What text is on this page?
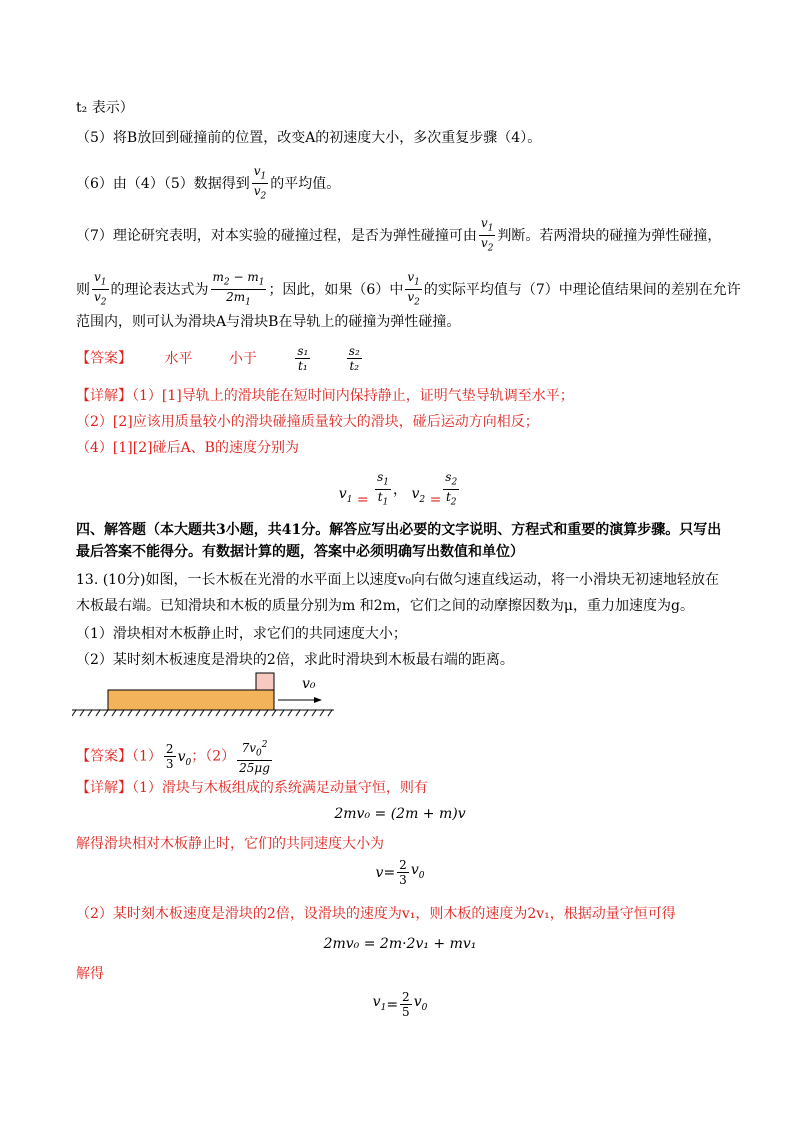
t₂ 表示）
（5）将B放回到碰撞前的位置，改变A的初速度大小，多次重复步骤（4）。
（6）由（4）（5）数据得到 $\frac{v_1}{v_2}$ 的平均值。
（7）理论研究表明，对本实验的碰撞过程，是否为弹性碰撞可由 $\frac{v_1}{v_2}$ 判断。若两滑块的碰撞为弹性碰撞，
则 $\frac{v_1}{v_2}$ 的理论表达式为 $\frac{m_2 - m_1}{2m_1}$ ；因此，如果（6）中 $\frac{v_1}{v_2}$ 的实际平均值与（7）中理论值结果间的差别在允许
范围内，则可认为滑块A与滑块B在导轨上的碰撞为弹性碰撞。
【答案】 水平	小于	$\frac{\text{s₁}}{\text{t₁}}$
	$\frac{\text{s₂}}{\text{t₂}}$
【详解】（1）[1]导轨上的滑块能在短时间内保持静止，证明气垫导轨调至水平；
（2）[2]应该用质量较小的滑块碰撞质量较大的滑块，碰后运动方向相反；
（4）[1][2]碰后A、B的速度分别为
$v_1 = \frac{s_1}{t_1}$ ， $v_2 = \frac{s_2}{t_2}$
四、解答题（本大题共3小题，共41分。解答应写出必要的文字说明、方程式和重要的演算步骤。只写出
最后答案不能得分。有数据计算的题，答案中必须明确写出数值和单位）
13. (10分)如图，一长木板在光滑的水平面上以速度v₀向右做匀速直线运动，将一小滑块无初速地轻放在
木板最右端。已知滑块和木板的质量分别为m 和2m，它们之间的动摩擦因数为μ，重力加速度为g。
（1）滑块相对木板静止时，求它们的共同速度大小；
（2）某时刻木板速度是滑块的2倍，求此时滑块到木板最右端的距离。
v₀
【答案】$(1) \frac{2}{3} v_0$；$(2) \frac{7v_0^2}{25\mu g}$
【详解】（1）滑块与木板组成的系统满足动量守恒，则有
2mv₀ = (2m + m)v
解得滑块相对木板静止时，它们的共同速度大小为
$v= \frac{2}{3} v_0$
（2）某时刻木板速度是滑块的2倍，设滑块的速度为v₁，则木板的速度为2v₁，根据动量守恒可得
2mv₀ = 2m·2v₁ + mv₁
解得
$v_1= \frac{2}{5} v_0$
